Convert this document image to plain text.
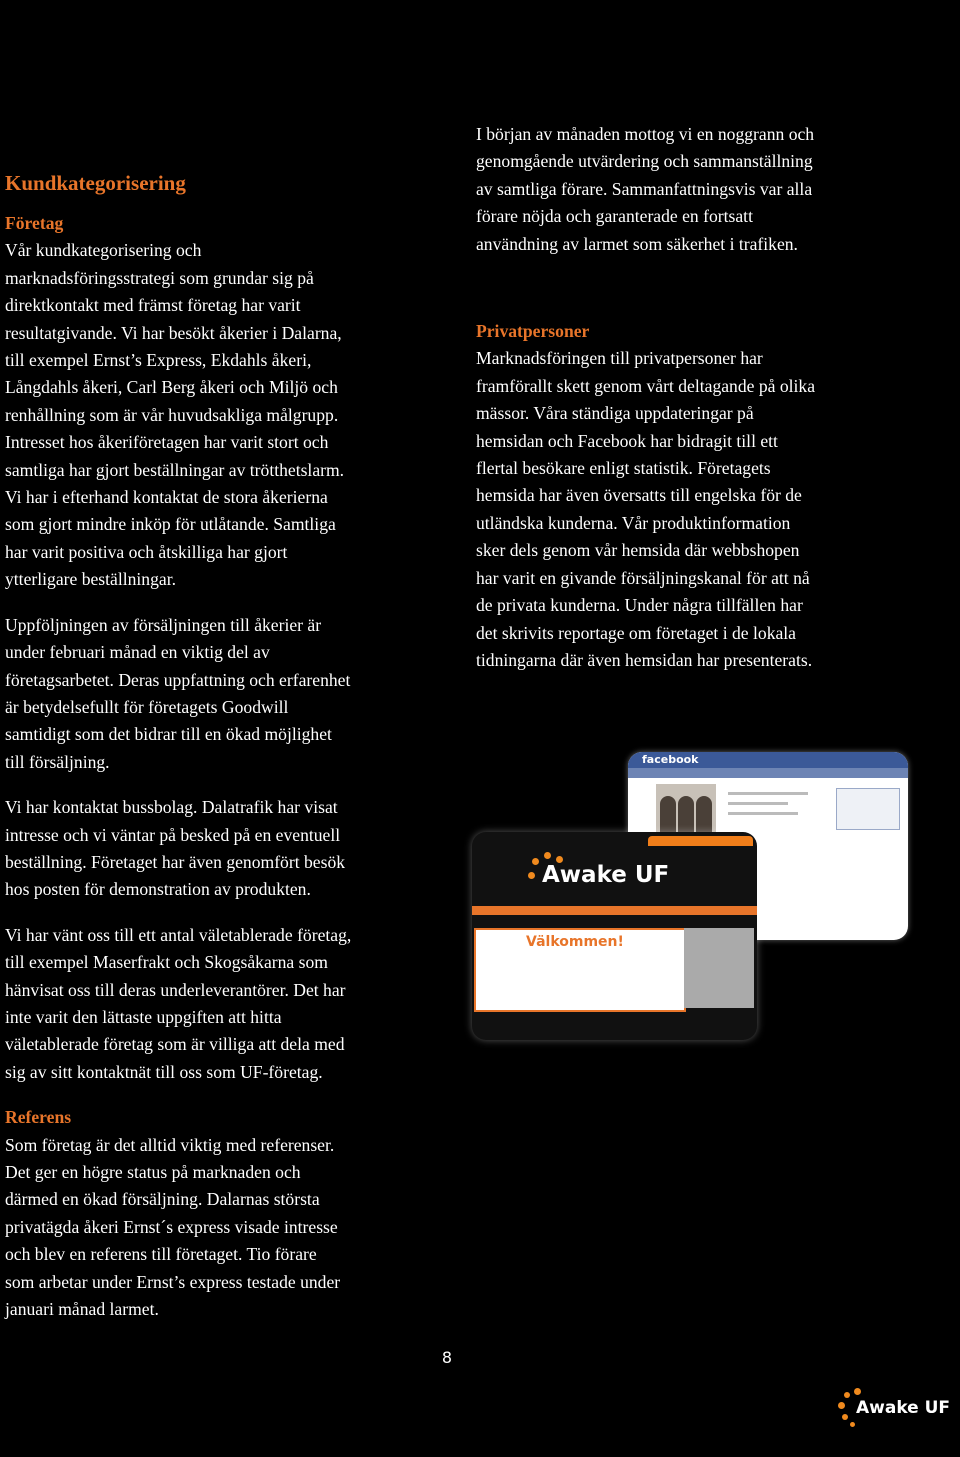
Kundkategorisering
Företag

Vår kundkategorisering och
marknadsföringsstrategi som grundar sig på
direktkontakt med främst företag har varit
resultatgivande. Vi har besökt åkerier i Dalarna,
till exempel Ernst’s Express, Ekdahls åkeri,
Långdahls åkeri, Carl Berg åkeri och Miljö och
renhållning som är vår huvudsakliga målgrupp.
Intresset hos åkeriföretagen har varit stort och
samtliga har gjort beställningar av trötthetslarm.
Vi har i efterhand kontaktat de stora åkerierna
som gjort mindre inköp för utlåtande. Samtliga
har varit positiva och åtskilliga har gjort
ytterligare beställningar.

Uppföljningen av försäljningen till åkerier är
under februari månad en viktig del av
företagsarbetet. Deras uppfattning och erfarenhet
är betydelsefullt för företagets Goodwill
samtidigt som det bidrar till en ökad möjlighet
till försäljning.

Vi har kontaktat bussbolag. Dalatrafik har visat
intresse och vi väntar på besked på en eventuell
beställning. Företaget har även genomfört besök
hos posten för demonstration av produkten.

Vi har vänt oss till ett antal väletablerade företag,
till exempel Maserfrakt och Skogsåkarna som
hänvisat oss till deras underleverantörer. Det har
inte varit den lättaste uppgiften att hitta
väletablerade företag som är villiga att dela med
sig av sitt kontaktnät till oss som UF-företag.

Referens

Som företag är det alltid viktig med referenser.
Det ger en högre status på marknaden och
därmed en ökad försäljning. Dalarnas största
privatägda åkeri Ernst´s express visade intresse
och blev en referens till företaget. Tio förare
som arbetar under Ernst’s express testade under
januari månad larmet.

I början av månaden mottog vi en noggrann och
genomgående utvärdering och sammanställning
av samtliga förare. Sammanfattningsvis var alla
förare nöjda och garanterade en fortsatt
användning av larmet som säkerhet i trafiken.

Privatpersoner

Marknadsföringen till privatpersoner har
framförallt skett genom vårt deltagande på olika
mässor. Våra ständiga uppdateringar på
hemsidan och Facebook har bidragit till ett
flertal besökare enligt statistik. Företagets
hemsida har även översatts till engelska för de
utländska kunderna. Vår produktinformation
sker dels genom vår hemsida där webbshopen
har varit en givande försäljningskanal för att nå
de privata kunderna. Under några tillfällen har
det skrivits reportage om företaget i de lokala
tidningarna där även hemsidan har presenterats.

facebook
Awake UF
Välkommen!
8
Awake UF
